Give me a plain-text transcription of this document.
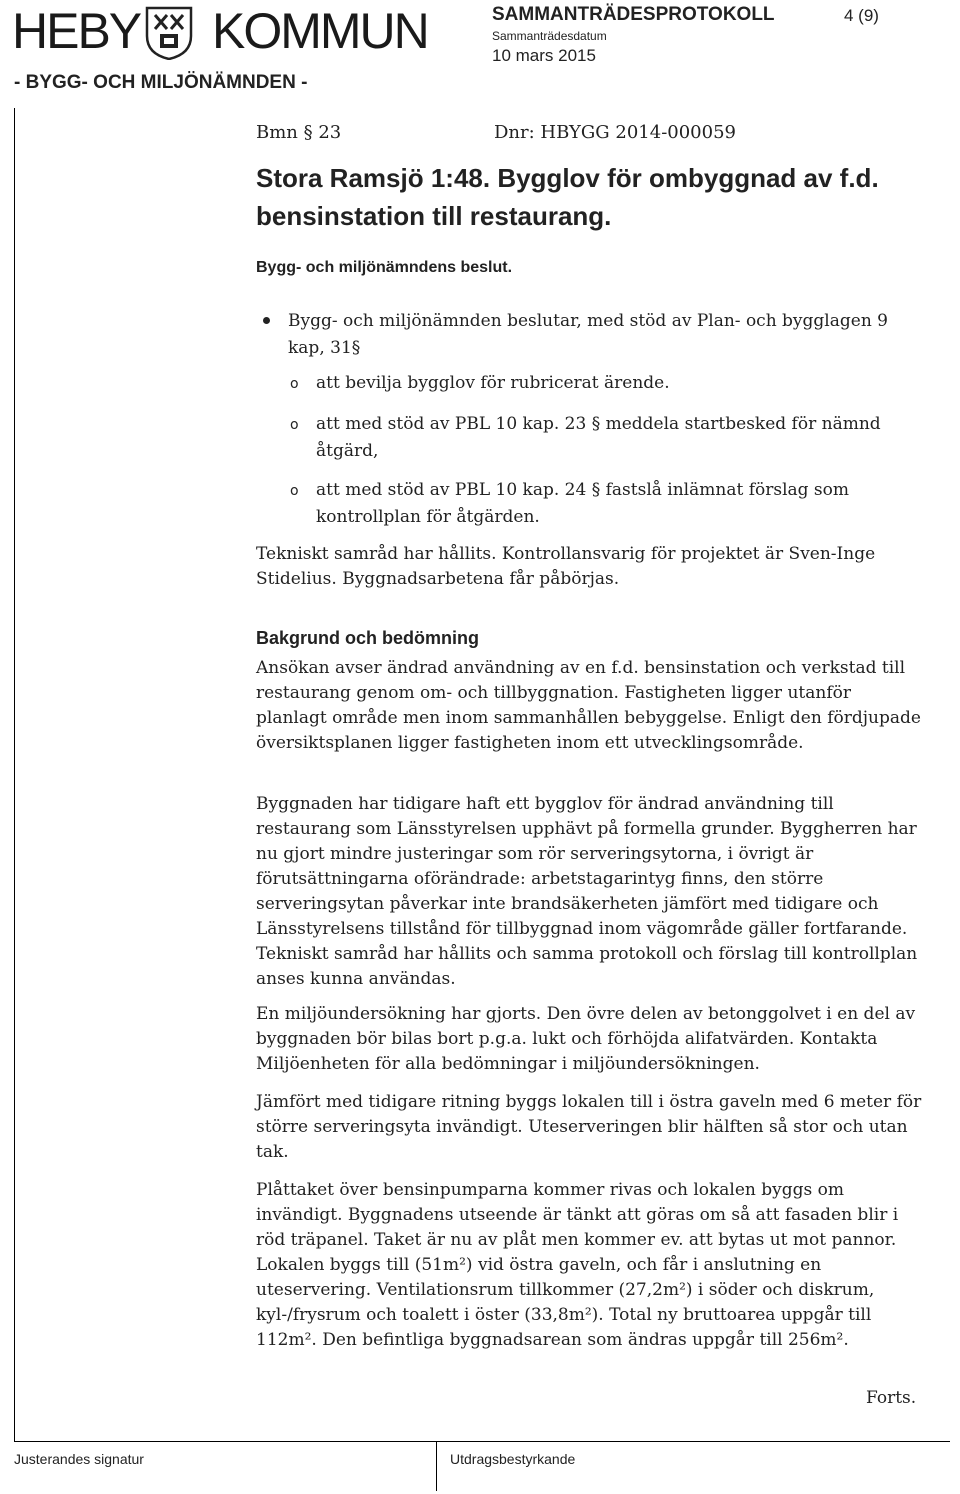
HEBY KOMMUN
- BYGG- OCH MILJÖNÄMNDEN -
SAMMANTRÄDESPROTOKOLL	4 (9)
Sammanträdesdatum
10 mars 2015
Bmn § 23	Dnr: HBYGG 2014-000059
Stora Ramsjö 1:48. Bygglov för ombyggnad av f.d. bensinstation till restaurang.
Bygg- och miljönämndens beslut.
Bygg- och miljönämnden beslutar, med stöd av Plan- och bygglagen 9 kap, 31§
o att bevilja bygglov för rubricerat ärende.
o att med stöd av PBL 10 kap. 23 § meddela startbesked för nämnd åtgärd,
o att med stöd av PBL 10 kap. 24 § fastslå inlämnat förslag som kontrollplan för åtgärden.

Tekniskt samråd har hållits. Kontrollansvarig för projektet är Sven-Inge Stidelius. Byggnadsarbetena får påbörjas.

Bakgrund och bedömning

Ansökan avser ändrad användning av en f.d. bensinstation och verkstad till restaurang genom om- och tillbyggnation. Fastigheten ligger utanför planlagt område men inom sammanhållen bebyggelse. Enligt den fördjupade översiktsplanen ligger fastigheten inom ett utvecklingsområde.

Byggnaden har tidigare haft ett bygglov för ändrad användning till restaurang som Länsstyrelsen upphävt på formella grunder. Byggherren har nu gjort mindre justeringar som rör serveringsytorna, i övrigt är förutsättningarna oförändrade: arbetstagarintyg finns, den större serveringsytan påverkar inte brandsäkerheten jämfört med tidigare och Länsstyrelsens tillstånd för tillbyggnad inom vägområde gäller fortfarande. Tekniskt samråd har hållits och samma protokoll och förslag till kontrollplan anses kunna användas.

En miljöundersökning har gjorts. Den övre delen av betonggolvet i en del av byggnaden bör bilas bort p.g.a. lukt och förhöjda alifatvärden. Kontakta Miljöenheten för alla bedömningar i miljöundersökningen.

Jämfört med tidigare ritning byggs lokalen till i östra gaveln med 6 meter för större serveringsyta invändigt. Uteserveringen blir hälften så stor och utan tak.

Plåttaket över bensinpumparna kommer rivas och lokalen byggs om invändigt. Byggnadens utseende är tänkt att göras om så att fasaden blir i röd träpanel. Taket är nu av plåt men kommer ev. att bytas ut mot pannor. Lokalen byggs till (51m²) vid östra gaveln, och får i anslutning en uteservering. Ventilationsrum tillkommer (27,2m²) i söder och diskrum, kyl-/frysrum och toalett i öster (33,8m²). Total ny bruttoarea uppgår till 112m². Den befintliga byggnadsarean som ändras uppgår till 256m².

Forts.
Justerandes signatur	Utdragsbestyrkande
